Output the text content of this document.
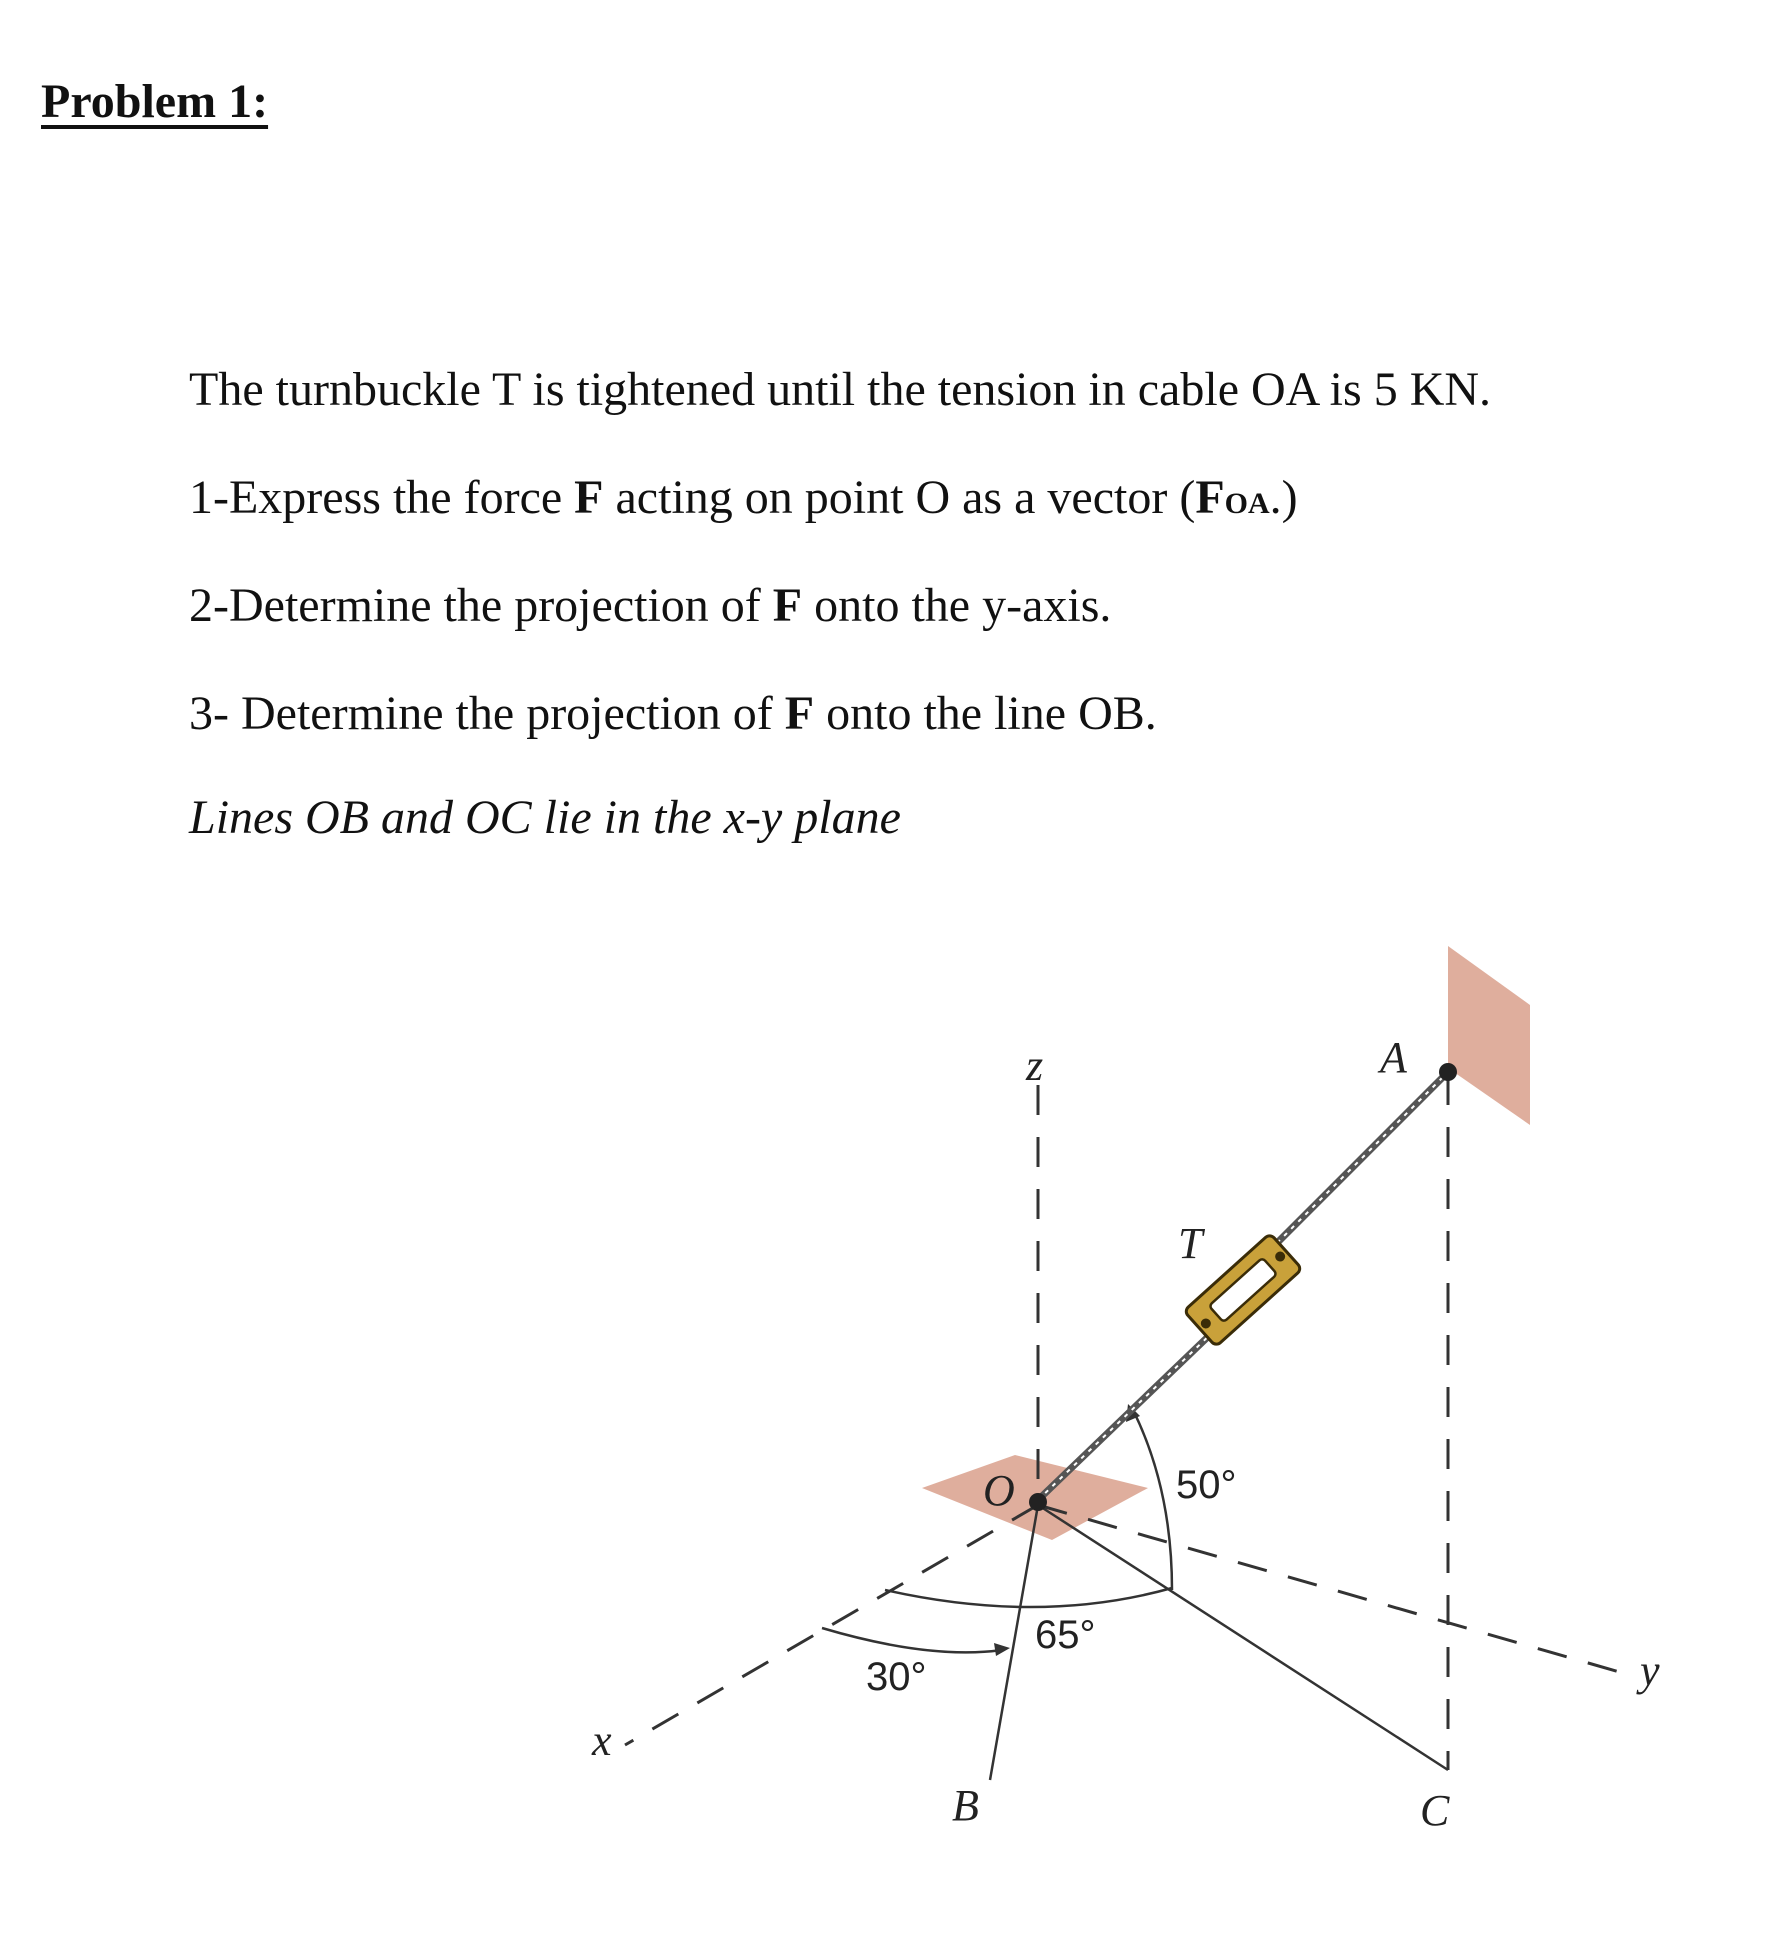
Problem 1:
The turnbuckle T is tightened until the tension in cable OA is 5 KN.
1-Express the force F acting on point O as a vector (FOA.)
2-Determine the projection of F onto the y-axis.
3- Determine the projection of F onto the line OB.
Lines OB and OC lie in the x-y plane
z	A
T
O
x
y
B	C
30°
65°
50°
